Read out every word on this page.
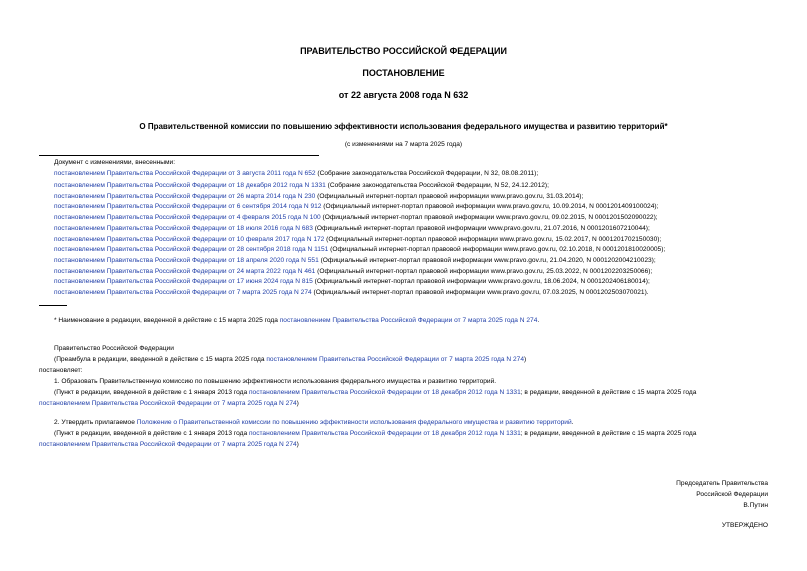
ПРАВИТЕЛЬСТВО РОССИЙСКОЙ ФЕДЕРАЦИИ
ПОСТАНОВЛЕНИЕ
от 22 августа 2008 года N 632
О Правительственной комиссии по повышению эффективности использования федерального имущества и развитию территорий*
(с изменениями на 7 марта 2025 года)
Документ с изменениями, внесенными:
постановлением Правительства Российской Федерации от 3 августа 2011 года N 652 (Собрание законодательства Российской Федерации, N 32, 08.08.2011);
постановлением Правительства Российской Федерации от 18 декабря 2012 года N 1331 (Собрание законодательства Российской Федерации, N 52, 24.12.2012);
постановлением Правительства Российской Федерации от 26 марта 2014 года N 230 (Официальный интернет-портал правовой информации www.pravo.gov.ru, 31.03.2014);
постановлением Правительства Российской Федерации от 6 сентября 2014 года N 912 (Официальный интернет-портал правовой информации www.pravo.gov.ru, 10.09.2014, N 0001201409100024);
постановлением Правительства Российской Федерации от 4 февраля 2015 года N 100 (Официальный интернет-портал правовой информации www.pravo.gov.ru, 09.02.2015, N 0001201502090022);
постановлением Правительства Российской Федерации от 18 июля 2016 года N 683 (Официальный интернет-портал правовой информации www.pravo.gov.ru, 21.07.2016, N 0001201607210044);
постановлением Правительства Российской Федерации от 10 февраля 2017 года N 172 (Официальный интернет-портал правовой информации www.pravo.gov.ru, 15.02.2017, N 0001201702150030);
постановлением Правительства Российской Федерации от 28 сентября 2018 года N 1151 (Официальный интернет-портал правовой информации www.pravo.gov.ru, 02.10.2018, N 0001201810020005);
постановлением Правительства Российской Федерации от 18 апреля 2020 года N 551 (Официальный интернет-портал правовой информации www.pravo.gov.ru, 21.04.2020, N 0001202004210023);
постановлением Правительства Российской Федерации от 24 марта 2022 года N 461 (Официальный интернет-портал правовой информации www.pravo.gov.ru, 25.03.2022, N 0001202203250066);
постановлением Правительства Российской Федерации от 17 июня 2024 года N 815 (Официальный интернет-портал правовой информации www.pravo.gov.ru, 18.06.2024, N 0001202406180014);
постановлением Правительства Российской Федерации от 7 марта 2025 года N 274 (Официальный интернет-портал правовой информации www.pravo.gov.ru, 07.03.2025, N 0001202503070021).
* Наименование в редакции, введенной в действие с 15 марта 2025 года постановлением Правительства Российской Федерации от 7 марта 2025 года N 274.
Правительство Российской Федерации
(Преамбула в редакции, введенной в действие с 15 марта 2025 года постановлением Правительства Российской Федерации от 7 марта 2025 года N 274)
постановляет:
1. Образовать Правительственную комиссию по повышению эффективности использования федерального имущества и развитию территорий.
(Пункт в редакции, введенной в действие с 1 января 2013 года постановлением Правительства Российской Федерации от 18 декабря 2012 года N 1331; в редакции, введенной в действие с 15 марта 2025 года
постановлением Правительства Российской Федерации от 7 марта 2025 года N 274)
2. Утвердить прилагаемое Положение о Правительственной комиссии по повышению эффективности использования федерального имущества и развитию территорий.
(Пункт в редакции, введенной в действие с 1 января 2013 года постановлением Правительства Российской Федерации от 18 декабря 2012 года N 1331; в редакции, введенной в действие с 15 марта 2025 года
постановлением Правительства Российской Федерации от 7 марта 2025 года N 274)
Председатель Правительства
Российской Федерации
В.Путин
УТВЕРЖДЕНО
